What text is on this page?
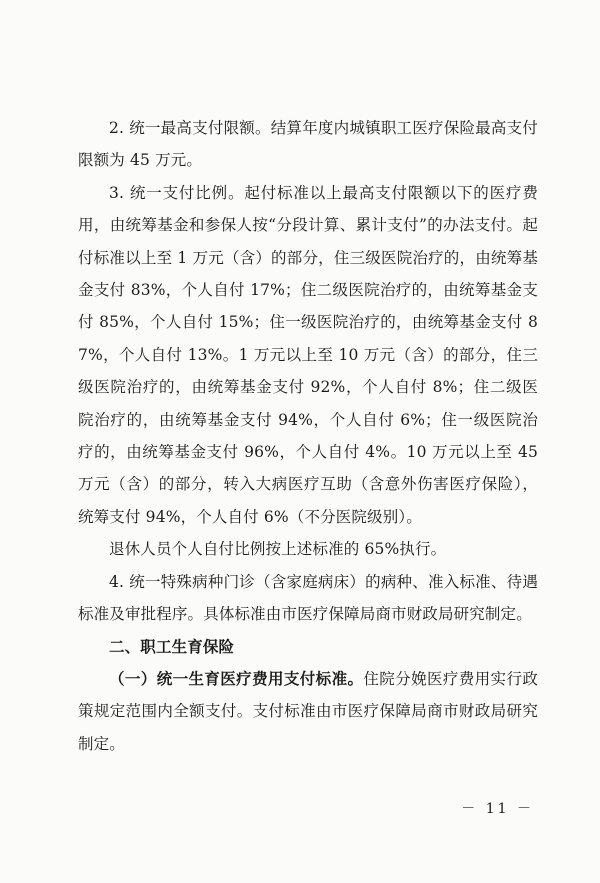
2. 统一最高支付限额。结算年度内城镇职工医疗保险最高支付限额为 45 万元。

3. 统一支付比例。起付标准以上最高支付限额以下的医疗费用，由统筹基金和参保人按“分段计算、累计支付”的办法支付。起付标准以上至 1 万元（含）的部分，住三级医院治疗的，由统筹基金支付 83%，个人自付 17%；住二级医院治疗的，由统筹基金支付 85%，个人自付 15%；住一级医院治疗的，由统筹基金支付 87%，个人自付 13%。1 万元以上至 10 万元（含）的部分，住三级医院治疗的，由统筹基金支付 92%，个人自付 8%；住二级医院治疗的，由统筹基金支付 94%，个人自付 6%；住一级医院治疗的，由统筹基金支付 96%，个人自付 4%。10 万元以上至 45 万元（含）的部分，转入大病医疗互助（含意外伤害医疗保险），统筹支付 94%，个人自付 6%（不分医院级别）。

退休人员个人自付比例按上述标准的 65%执行。

4. 统一特殊病种门诊（含家庭病床）的病种、准入标准、待遇标准及审批程序。具体标准由市医疗保障局商市财政局研究制定。

二、职工生育保险

（一）统一生育医疗费用支付标准。住院分娩医疗费用实行政策规定范围内全额支付。支付标准由市医疗保障局商市财政局研究制定。

－ 11 －
